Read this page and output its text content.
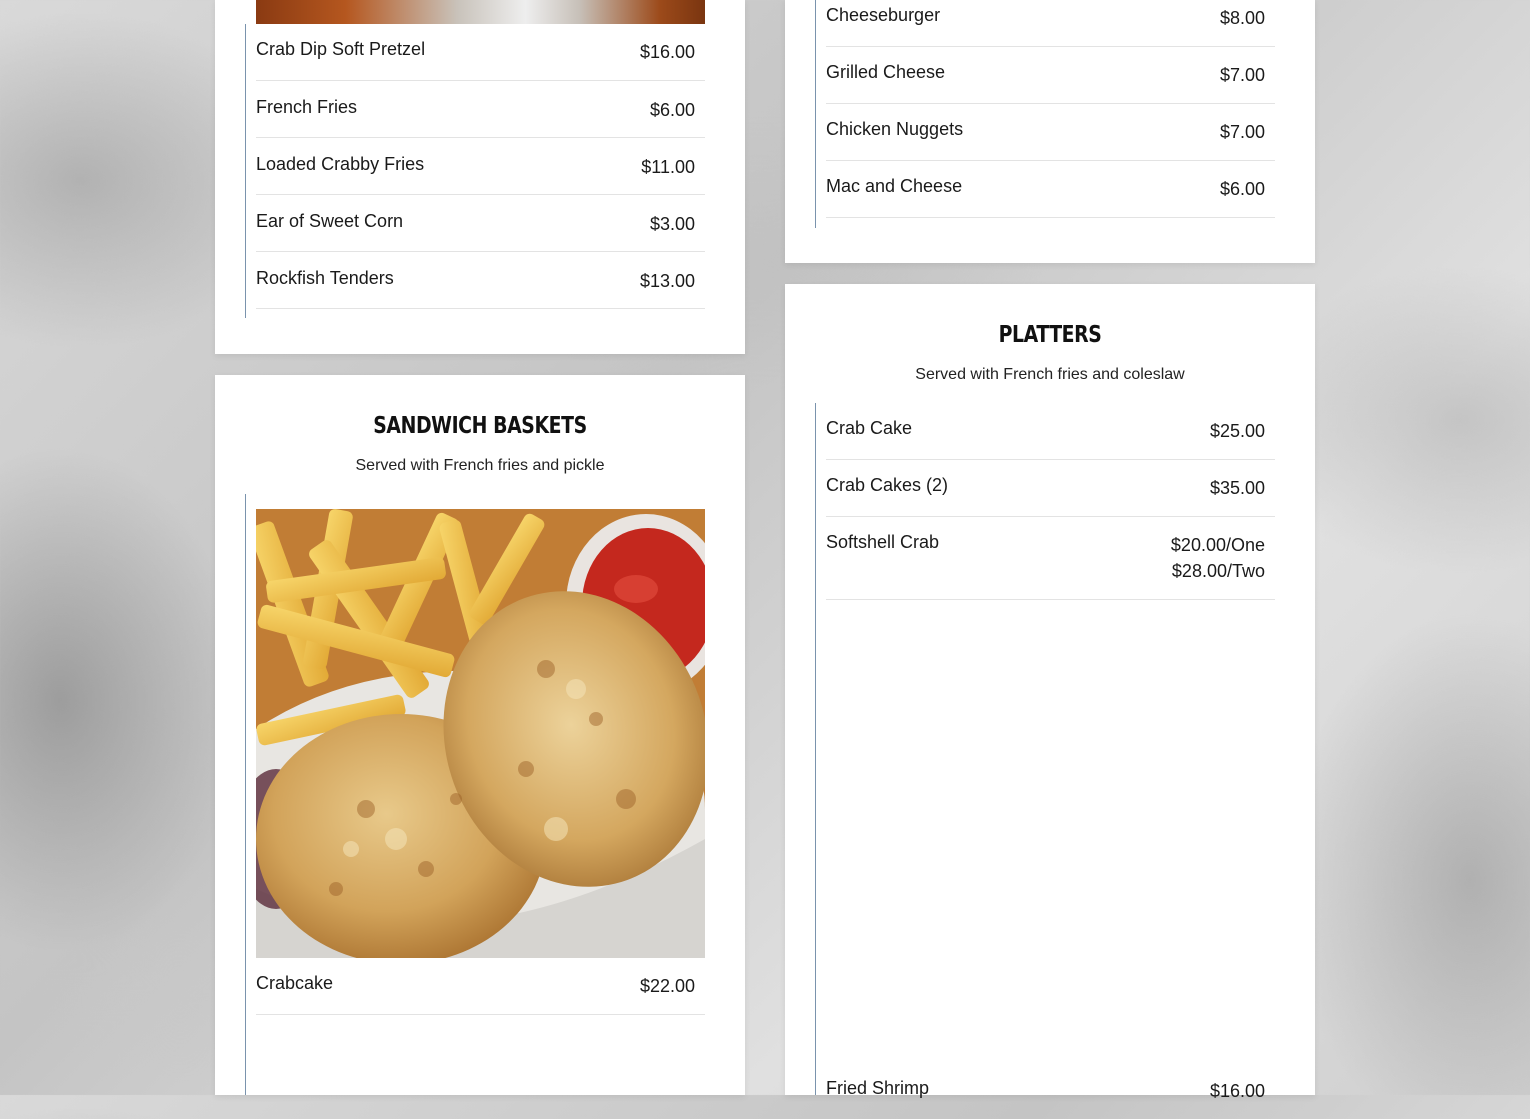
Crab Dip Soft Pretzel	$16.00
French Fries	$6.00
Loaded Crabby Fries	$11.00
Ear of Sweet Corn	$3.00
Rockfish Tenders	$13.00
Cheeseburger	$8.00
Grilled Cheese	$7.00
Chicken Nuggets	$7.00
Mac and Cheese	$6.00
SANDWICH BASKETS
Served with French fries and pickle
Crabcake	$22.00
PLATTERS
Served with French fries and coleslaw
Crab Cake	$25.00
Crab Cakes (2)	$35.00
Softshell Crab	$20.00/One
$28.00/Two
Fried Shrimp	$16.00
